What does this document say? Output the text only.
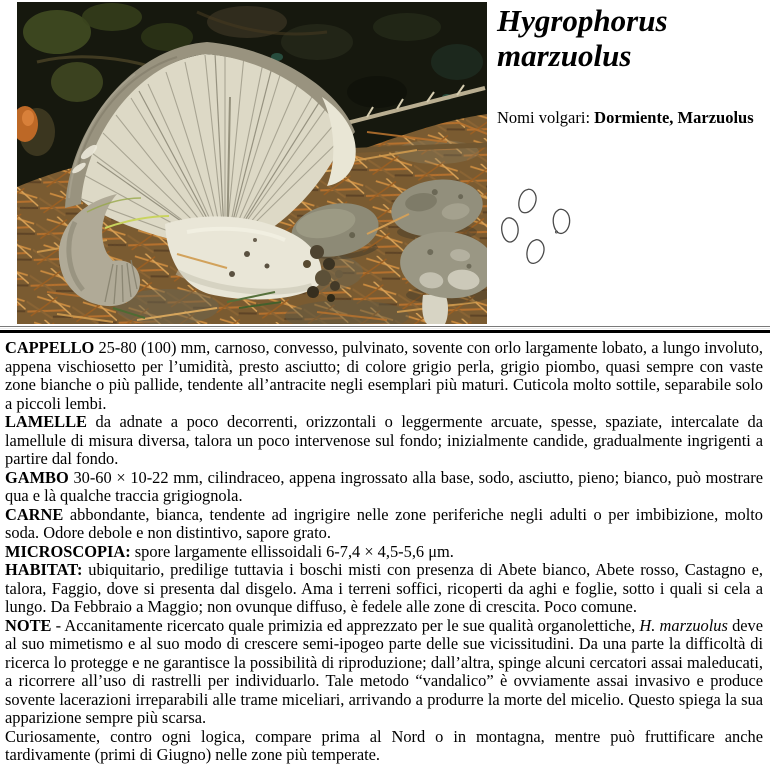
Hygrophorus
marzuolus
Nomi volgari: Dormiente, Marzuolus

CAPPELLO 25-80 (100) mm, carnoso, convesso, pulvinato, sovente con orlo largamente lobato, a lungo involuto, appena vischiosetto per l’umidità, presto asciutto; di colore grigio perla, grigio piombo, quasi sempre con vaste zone bianche o più pallide, tendente all’antracite negli esemplari più maturi. Cuticola molto sottile, separabile solo a piccoli lembi.

LAMELLE da adnate a poco decorrenti, orizzontali o leggermente arcuate, spesse, spaziate, intercalate da lamellule di misura diversa, talora un poco intervenose sul fondo; inizialmente candide, gradualmente ingrigenti a partire dal fondo.

GAMBO 30-60 × 10-22 mm, cilindraceo, appena ingrossato alla base, sodo, asciutto, pieno; bianco, può mostrare qua e là qualche traccia grigiognola.

CARNE abbondante, bianca, tendente ad ingrigire nelle zone periferiche negli adulti o per imbibizione, molto soda. Odore debole e non distintivo, sapore grato.

MICROSCOPIA: spore largamente ellissoidali 6-7,4 × 4,5-5,6 μm.

HABITAT: ubiquitario, predilige tuttavia i boschi misti con presenza di Abete bianco, Abete rosso, Castagno e, talora, Faggio, dove si presenta dal disgelo. Ama i terreni soffici, ricoperti da aghi e foglie, sotto i quali si cela a lungo. Da Febbraio a Maggio; non ovunque diffuso, è fedele alle zone di crescita. Poco comune.

NOTE - Accanitamente ricercato quale primizia ed apprezzato per le sue qualità organolettiche, H. marzuolus deve al suo mimetismo e al suo modo di crescere semi-ipogeo parte delle sue vicissitudini. Da una parte la difficoltà di ricerca lo protegge e ne garantisce la possibilità di riproduzione; dall’altra, spinge alcuni cercatori assai maleducati, a ricorrere all’uso di rastrelli per individuarlo. Tale metodo “vandalico” è ovviamente assai invasivo e produce sovente lacerazioni irreparabili alle trame miceliari, arrivando a produrre la morte del micelio. Questo spiega la sua apparizione sempre più scarsa.

Curiosamente, contro ogni logica, compare prima al Nord o in montagna, mentre può fruttificare anche tardivamente (primi di Giugno) nelle zone più temperate.
